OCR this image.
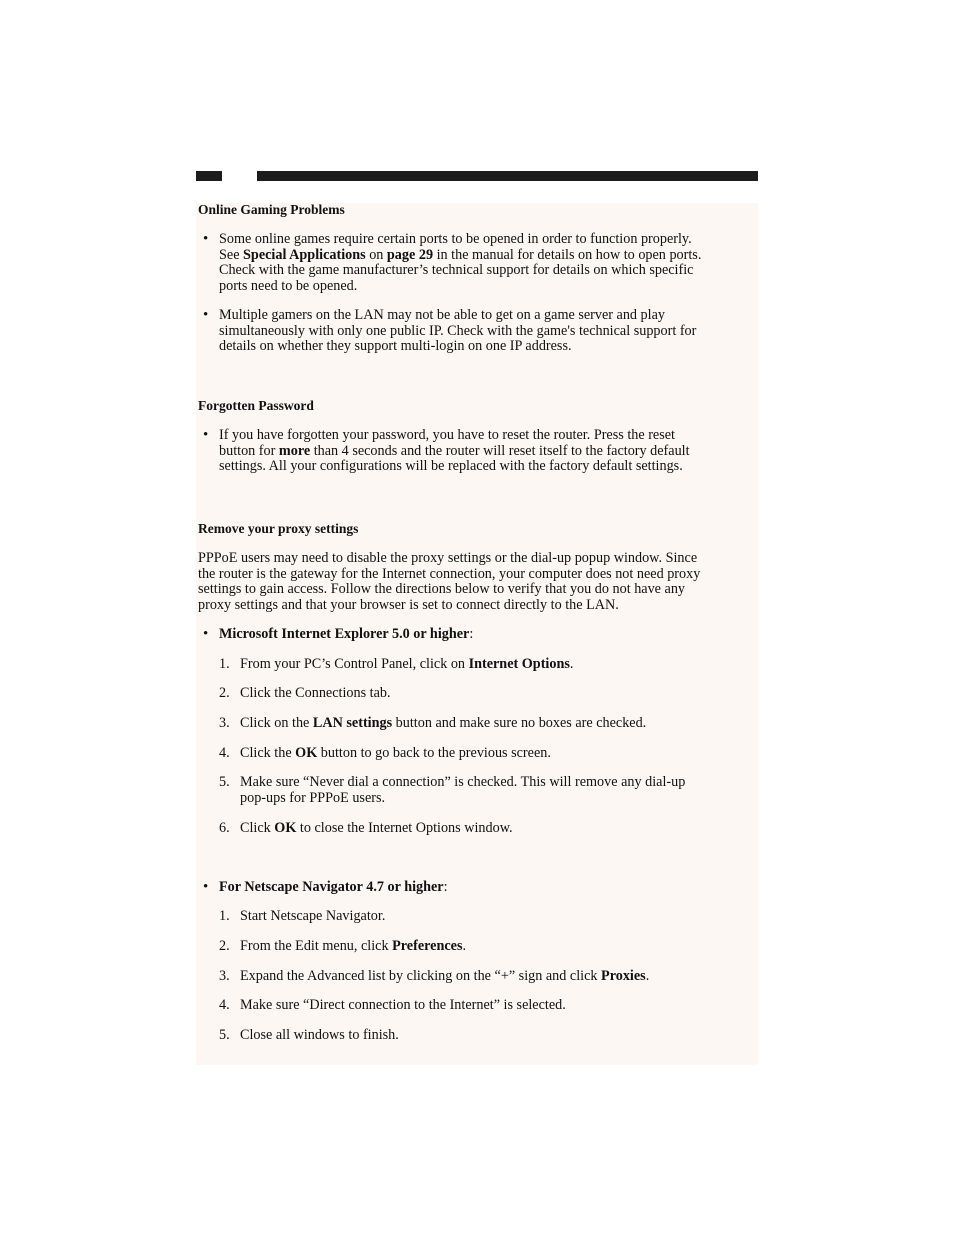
Online Gaming Problems
• Some online games require certain ports to be opened in order to function properly.
See Special Applications on page 29 in the manual for details on how to open ports.
Check with the game manufacturer’s technical support for details on which specific
ports need to be opened.
• Multiple gamers on the LAN may not be able to get on a game server and play
simultaneously with only one public IP. Check with the game's technical support for
details on whether they support multi-login on one IP address.
Forgotten Password
• If you have forgotten your password, you have to reset the router. Press the reset
button for more than 4 seconds and the router will reset itself to the factory default
settings. All your configurations will be replaced with the factory default settings.
Remove your proxy settings
PPPoE users may need to disable the proxy settings or the dial-up popup window. Since
the router is the gateway for the Internet connection, your computer does not need proxy
settings to gain access. Follow the directions below to verify that you do not have any
proxy settings and that your browser is set to connect directly to the LAN.
• Microsoft Internet Explorer 5.0 or higher:
1. From your PC’s Control Panel, click on Internet Options.
2. Click the Connections tab.
3. Click on the LAN settings button and make sure no boxes are checked.
4. Click the OK button to go back to the previous screen.
5. Make sure “Never dial a connection” is checked. This will remove any dial-up
pop-ups for PPPoE users.
6. Click OK to close the Internet Options window.
• For Netscape Navigator 4.7 or higher:
1. Start Netscape Navigator.
2. From the Edit menu, click Preferences.
3. Expand the Advanced list by clicking on the “+” sign and click Proxies.
4. Make sure “Direct connection to the Internet” is selected.
5. Close all windows to finish.
